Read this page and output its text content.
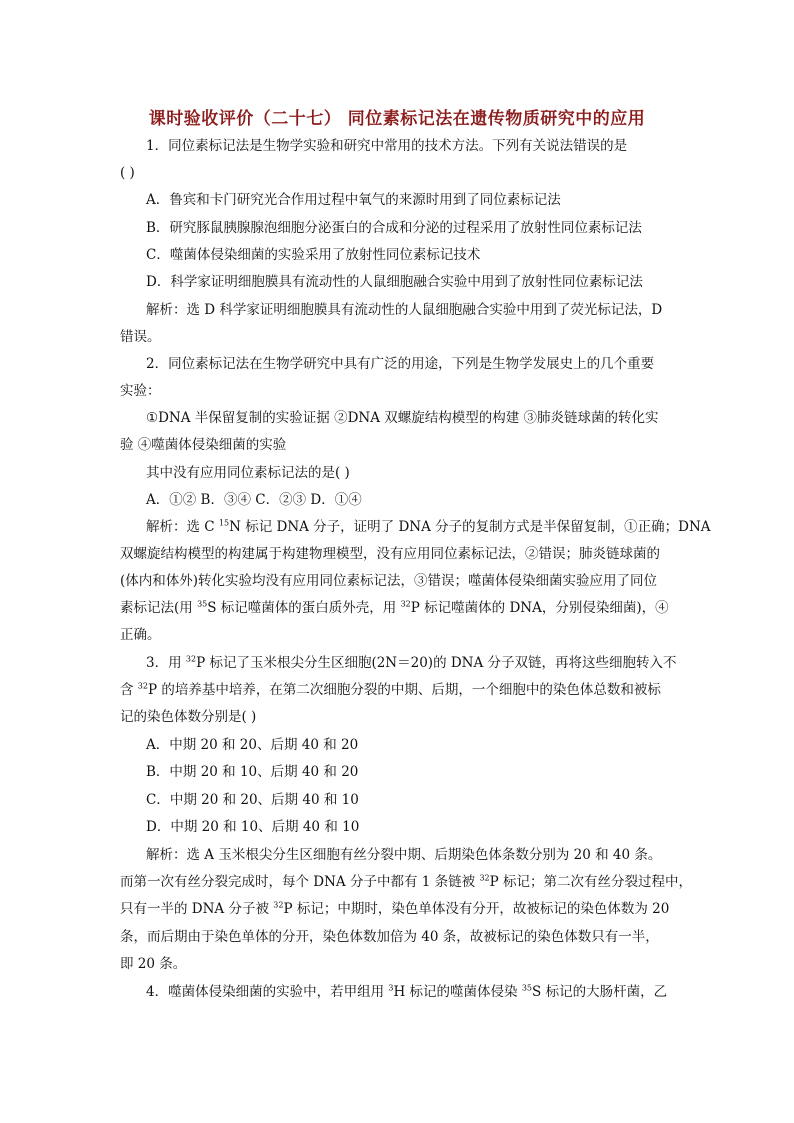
课时验收评价（二十七） 同位素标记法在遗传物质研究中的应用
1．同位素标记法是生物学实验和研究中常用的技术方法。下列有关说法错误的是
( )
A．鲁宾和卡门研究光合作用过程中氧气的来源时用到了同位素标记法
B．研究豚鼠胰腺腺泡细胞分泌蛋白的合成和分泌的过程采用了放射性同位素标记法
C．噬菌体侵染细菌的实验采用了放射性同位素标记技术
D．科学家证明细胞膜具有流动性的人鼠细胞融合实验中用到了放射性同位素标记法
解析：选 D 科学家证明细胞膜具有流动性的人鼠细胞融合实验中用到了荧光标记法，D
错误。
2．同位素标记法在生物学研究中具有广泛的用途，下列是生物学发展史上的几个重要
实验：
①DNA 半保留复制的实验证据 ②DNA 双螺旋结构模型的构建 ③肺炎链球菌的转化实
验 ④噬菌体侵染细菌的实验
其中没有应用同位素标记法的是( )
A．①② B．③④ C．②③ D．①④
解析：选 C $^{15}$N 标记 DNA 分子，证明了 DNA 分子的复制方式是半保留复制，①正确；DNA
双螺旋结构模型的构建属于构建物理模型，没有应用同位素标记法，②错误；肺炎链球菌的
(体内和体外)转化实验均没有应用同位素标记法，③错误；噬菌体侵染细菌实验应用了同位
素标记法(用 $^{35}$S 标记噬菌体的蛋白质外壳，用 $^{32}$P 标记噬菌体的 DNA，分别侵染细菌)，④
正确。
3．用 $^{32}$P 标记了玉米根尖分生区细胞(2N＝20)的 DNA 分子双链，再将这些细胞转入不
含 $^{32}$P 的培养基中培养，在第二次细胞分裂的中期、后期，一个细胞中的染色体总数和被标
记的染色体数分别是( )
A．中期 20 和 20、后期 40 和 20
B．中期 20 和 10、后期 40 和 20
C．中期 20 和 20、后期 40 和 10
D．中期 20 和 10、后期 40 和 10
解析：选 A 玉米根尖分生区细胞有丝分裂中期、后期染色体条数分别为 20 和 40 条。
而第一次有丝分裂完成时，每个 DNA 分子中都有 1 条链被 $^{32}$P 标记；第二次有丝分裂过程中，
只有一半的 DNA 分子被 $^{32}$P 标记；中期时，染色单体没有分开，故被标记的染色体数为 20
条，而后期由于染色单体的分开，染色体数加倍为 40 条，故被标记的染色体数只有一半，
即 20 条。
4．噬菌体侵染细菌的实验中，若甲组用 $^3$H 标记的噬菌体侵染 $^{35}$S 标记的大肠杆菌，乙
